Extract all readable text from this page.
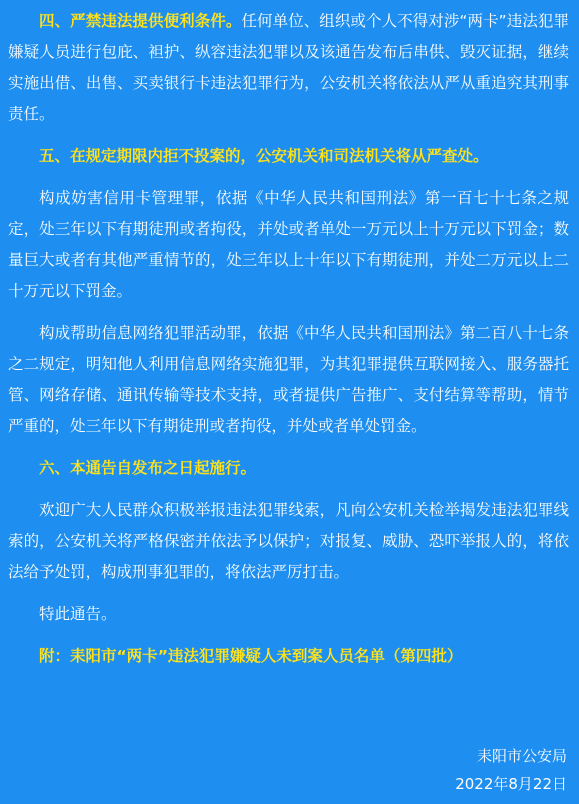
四、严禁违法提供便利条件。任何单位、组织或个人不得对涉“两卡”违法犯罪嫌疑人员进行包庇、袒护、纵容违法犯罪以及该通告发布后串供、毁灭证据，继续实施出借、出售、买卖银行卡违法犯罪行为，公安机关将依法从严从重追究其刑事责任。

五、在规定期限内拒不投案的，公安机关和司法机关将从严查处。

构成妨害信用卡管理罪，依据《中华人民共和国刑法》第一百七十七条之规定，处三年以下有期徒刑或者拘役，并处或者单处一万元以上十万元以下罚金；数量巨大或者有其他严重情节的，处三年以上十年以下有期徒刑，并处二万元以上二十万元以下罚金。

构成帮助信息网络犯罪活动罪，依据《中华人民共和国刑法》第二百八十七条之二规定，明知他人利用信息网络实施犯罪，为其犯罪提供互联网接入、服务器托管、网络存储、通讯传输等技术支持，或者提供广告推广、支付结算等帮助，情节严重的，处三年以下有期徒刑或者拘役，并处或者单处罚金。

六、本通告自发布之日起施行。

欢迎广大人民群众积极举报违法犯罪线索，凡向公安机关检举揭发违法犯罪线索的，公安机关将严格保密并依法予以保护；对报复、威胁、恐吓举报人的，将依法给予处罚，构成刑事犯罪的，将依法严厉打击。

特此通告。

附：耒阳市“两卡”违法犯罪嫌疑人未到案人员名单（第四批）

耒阳市公安局
2022年8月22日
